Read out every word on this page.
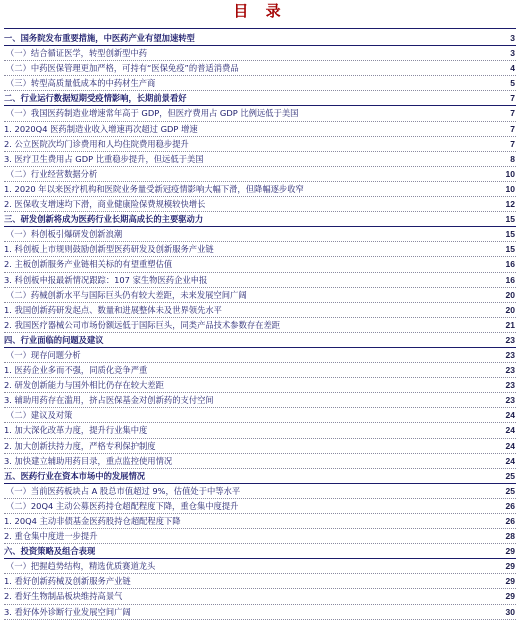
目 录
一、国务院发布重要措施，中医药产业有望加速转型	3
（一）结合循证医学，转型创新型中药	3
（二）中药医保管理更加严格，可持有“医保免疫”的普适消费品	4
（三）转型高质量低成本的中药材生产商	5
二、行业运行数据短期受疫情影响，长期前景看好	7
（一）我国医药制造业增速常年高于 GDP，但医疗费用占 GDP 比例远低于美国	7
1. 2020Q4 医药制造业收入增速再次超过 GDP 增速	7
2. 公立医院次均门诊费用和人均住院费用稳步提升	7
3. 医疗卫生费用占 GDP 比重稳步提升，但远低于美国	8
（二）行业经营数据分析	10
1. 2020 年以来医疗机构和医院业务量受新冠疫情影响大幅下滑，但降幅逐步收窄	10
2. 医保收支增速均下滑，商业健康险保费规模较快增长	12
三、研发创新将成为医药行业长期高成长的主要驱动力	15
（一）科创板引爆研发创新浪潮	15
1. 科创板上市规则鼓励创新型医药研发及创新服务产业链	15
2. 主板创新服务产业链相关标的有望重塑估值	16
3. 科创板申报最新情况跟踪：107 家生物医药企业申报	16
（二）药械创新水平与国际巨头仍有较大差距，未来发展空间广阔	20
1. 我国创新药研发起点、数量和进展整体未及世界领先水平	20
2. 我国医疗器械公司市场份额远低于国际巨头，同类产品技术参数存在差距	21
四、行业面临的问题及建议	23
（一）现存问题分析	23
1. 医药企业多而不强，同质化竞争严重	23
2. 研发创新能力与国外相比仍存在较大差距	23
3. 辅助用药存在滥用，挤占医保基金对创新药的支付空间	23
（二）建议及对策	24
1. 加大深化改革力度，提升行业集中度	24
2. 加大创新扶持力度，严格专利保护制度	24
3. 加快建立辅助用药目录，重点监控使用情况	24
五、医药行业在资本市场中的发展情况	25
（一）当前医药板块占 A 股总市值超过 9%，估值处于中等水平	25
（二）20Q4 主动公募医药持仓超配程度下降，重仓集中度提升	26
1. 20Q4 主动非债基金医药股持仓超配程度下降	26
2. 重仓集中度进一步提升	28
六、投资策略及组合表现	29
（一）把握趋势结构，精选优质赛道龙头	29
1. 看好创新药械及创新服务产业链	29
2. 看好生物制品板块维持高景气	29
3. 看好体外诊断行业发展空间广阔	30
